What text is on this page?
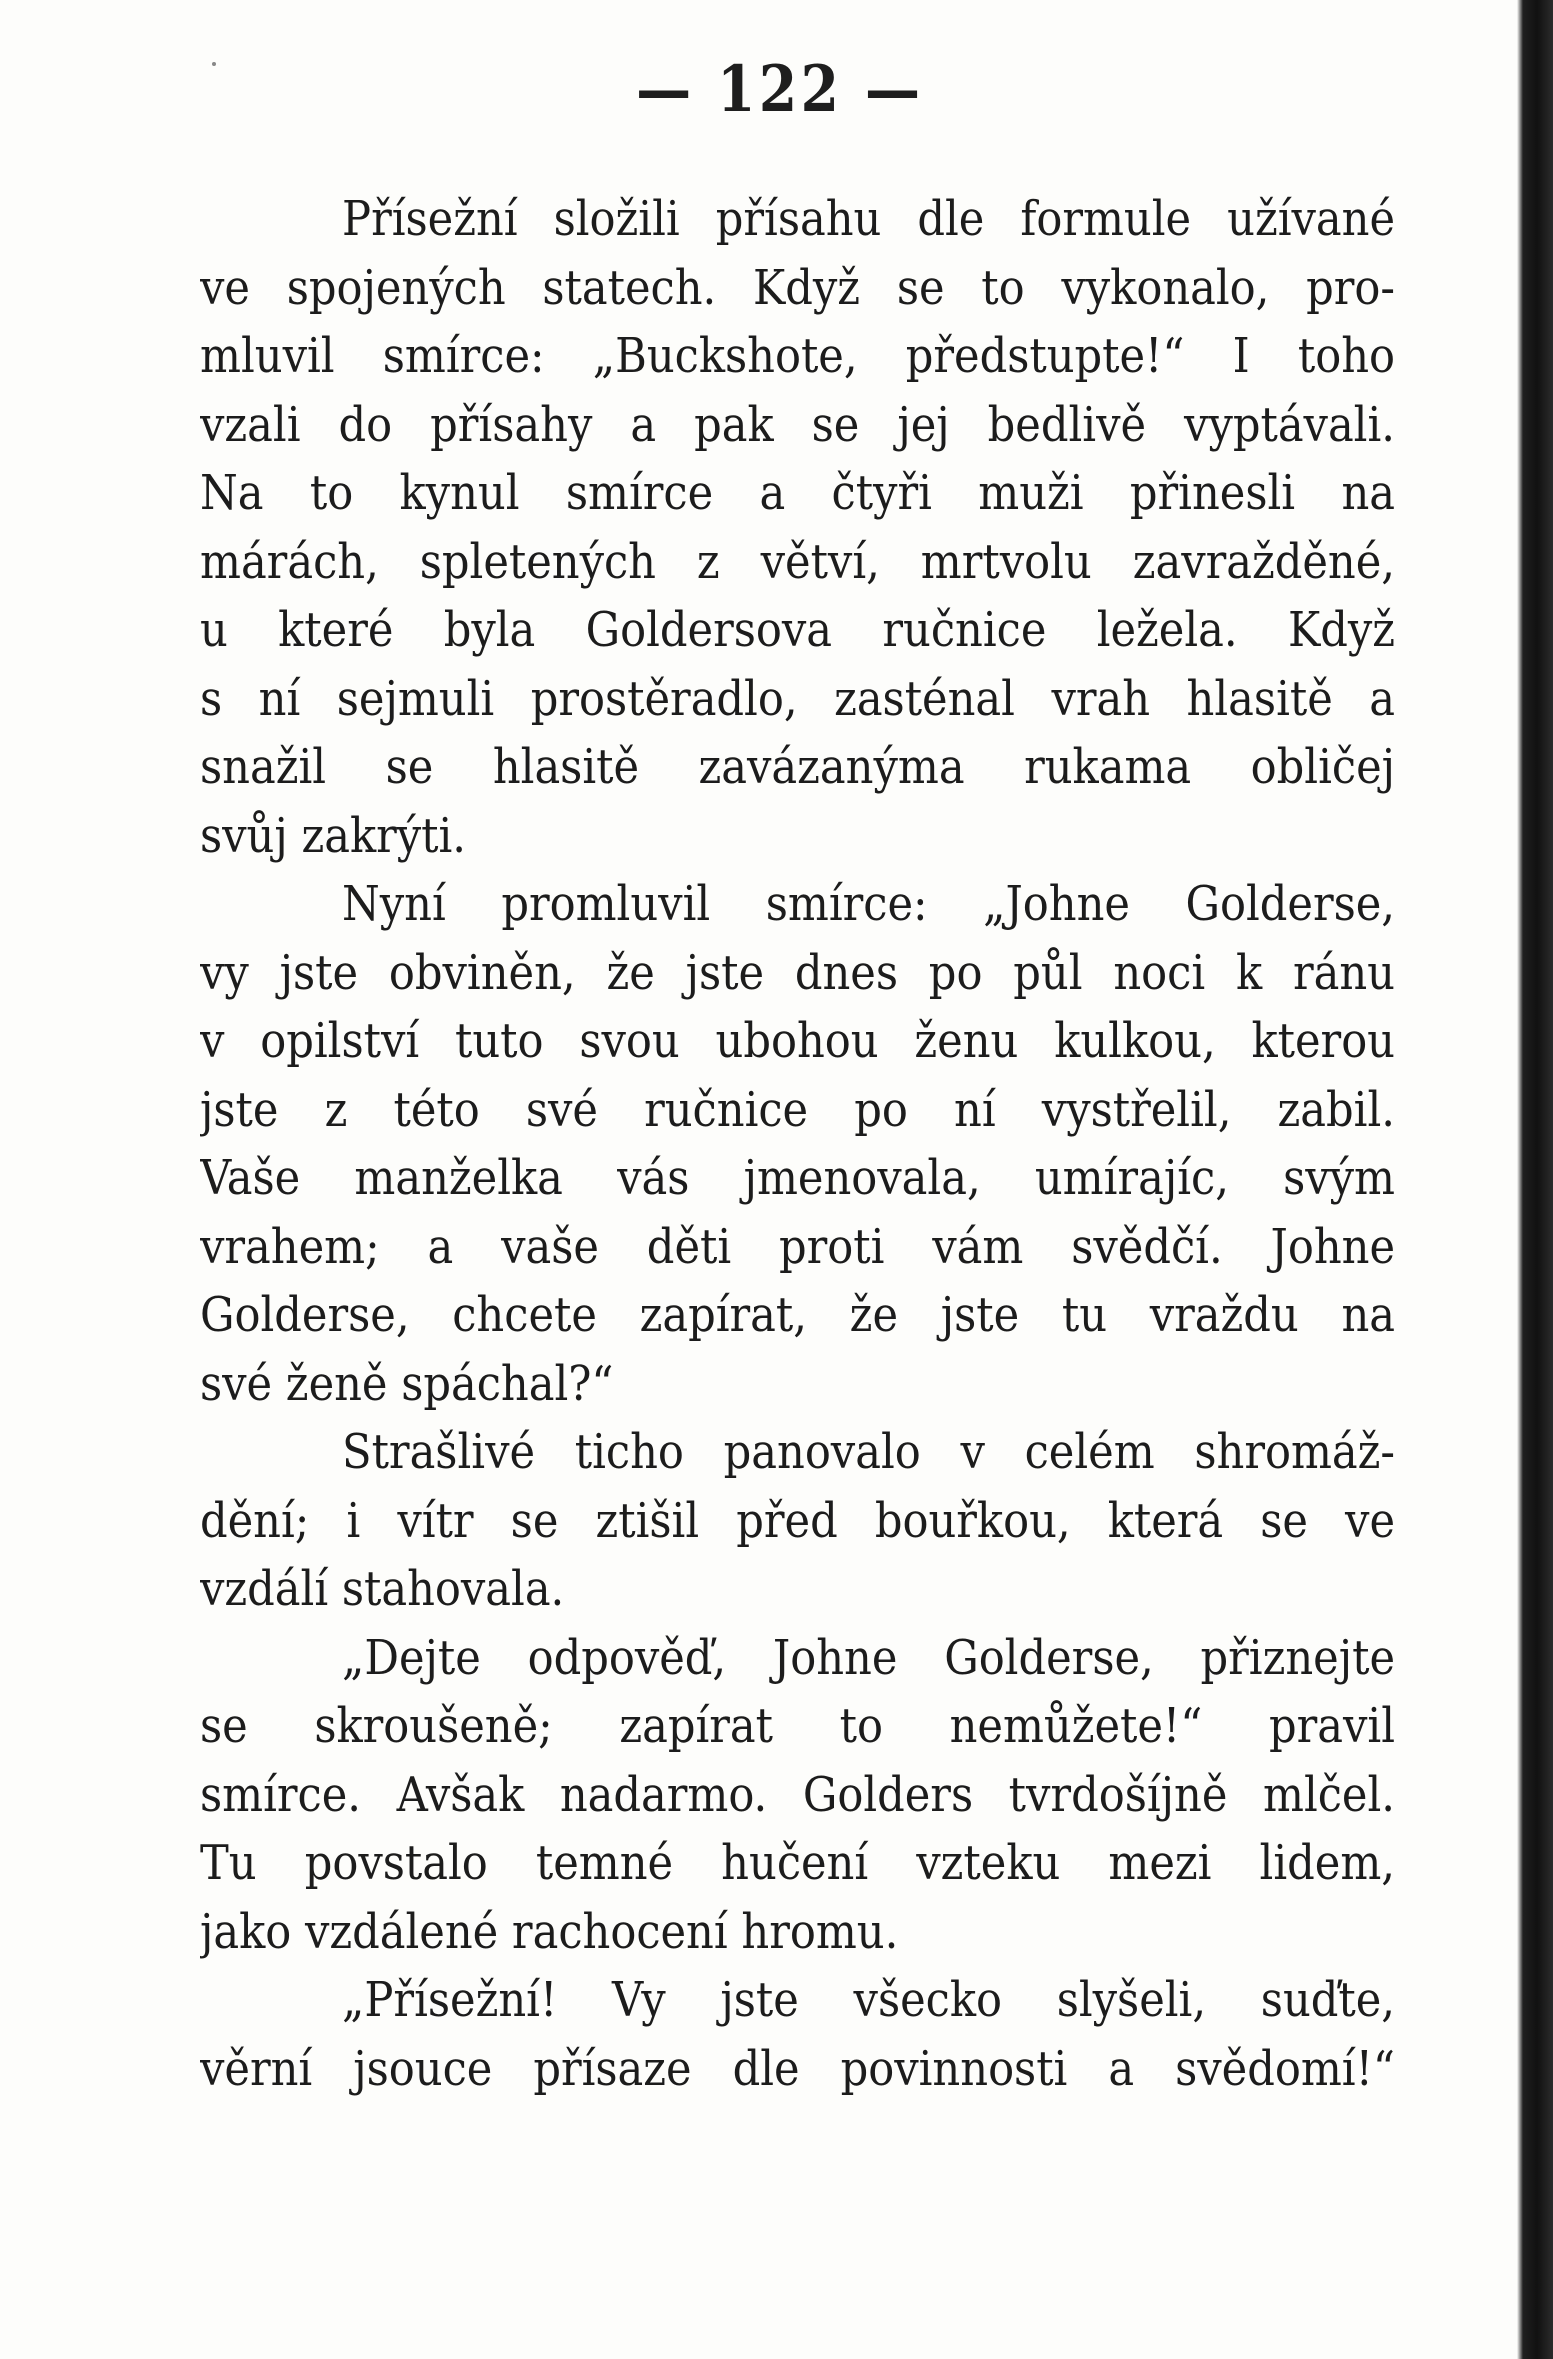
— 122 —
Přísežní složili přísahu dle formule užívané
ve spojených statech. Když se to vykonalo, pro-
mluvil smírce: „Buckshote, předstupte!“ I toho
vzali do přísahy a pak se jej bedlivě vyptávali.
Na to kynul smírce a čtyři muži přinesli na
márách, spletených z větví, mrtvolu zavražděné,
u které byla Goldersova ručnice ležela. Když
s ní sejmuli prostěradlo, zasténal vrah hlasitě a
snažil se hlasitě zavázanýma rukama obličej
svůj zakrýti.
Nyní promluvil smírce: „Johne Golderse,
vy jste obviněn, že jste dnes po půl noci k ránu
v opilství tuto svou ubohou ženu kulkou, kterou
jste z této své ručnice po ní vystřelil, zabil.
Vaše manželka vás jmenovala, umírajíc, svým
vrahem; a vaše děti proti vám svědčí. Johne
Golderse, chcete zapírat, že jste tu vraždu na
své ženě spáchal?“
Strašlivé ticho panovalo v celém shromáž-
dění; i vítr se ztišil před bouřkou, která se ve
vzdálí stahovala.
„Dejte odpověď, Johne Golderse, přiznejte
se skroušeně; zapírat to nemůžete!“ pravil
smírce. Avšak nadarmo. Golders tvrdošíjně mlčel.
Tu povstalo temné hučení vzteku mezi lidem,
jako vzdálené rachocení hromu.
„Přísežní! Vy jste všecko slyšeli, suďte,
věrní jsouce přísaze dle povinnosti a svědomí!“
